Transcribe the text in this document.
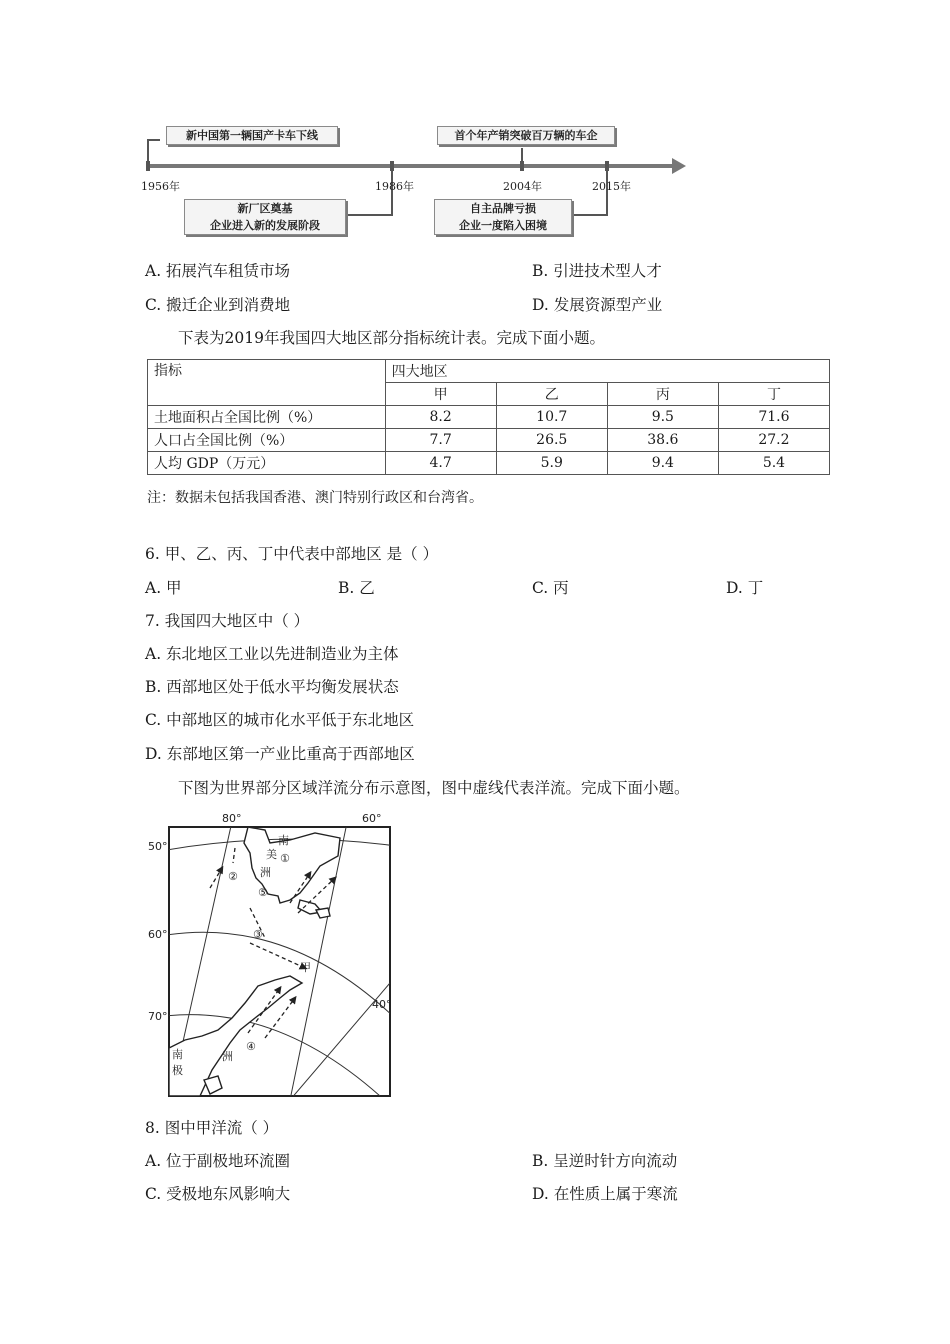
新中国第一辆国产卡车下线	首个年产销突破百万辆的车企
1956年	1986年	2004年	2015年
新厂区奠基
企业进入新的发展阶段
自主品牌亏损
企业一度陷入困境
A. 拓展汽车租赁市场	B. 引进技术型人才
C. 搬迁企业到消费地	D. 发展资源型产业
下表为2019年我国四大地区部分指标统计表。完成下面小题。
指标	四大地区			
	甲	乙	丙	丁
土地面积占全国比例（%）	8.2	10.7	9.5	71.6
人口占全国比例（%）	7.7	26.5	38.6	27.2
人均 GDP（万元）	4.7	5.9	9.4	5.4
注：数据未包括我国香港、澳门特别行政区和台湾省。
6. 甲、乙、丙、丁中代表中部地区 是（ ）
A. 甲	B. 乙	C. 丙	D. 丁
7. 我国四大地区中（ ）
A. 东北地区工业以先进制造业为主体
B. 西部地区处于低水平均衡发展状态
C. 中部地区的城市化水平低于东北地区
D. 东部地区第一产业比重高于西部地区
下图为世界部分区域洋流分布示意图，图中虚线代表洋流。完成下面小题。
80°	60°
40°
50°
60°
70°
南
美
洲
南
极
洲
甲
①
②
③
④
⑤
8. 图中甲洋流（ ）
A. 位于副极地环流圈	B. 呈逆时针方向流动
C. 受极地东风影响大	D. 在性质上属于寒流
